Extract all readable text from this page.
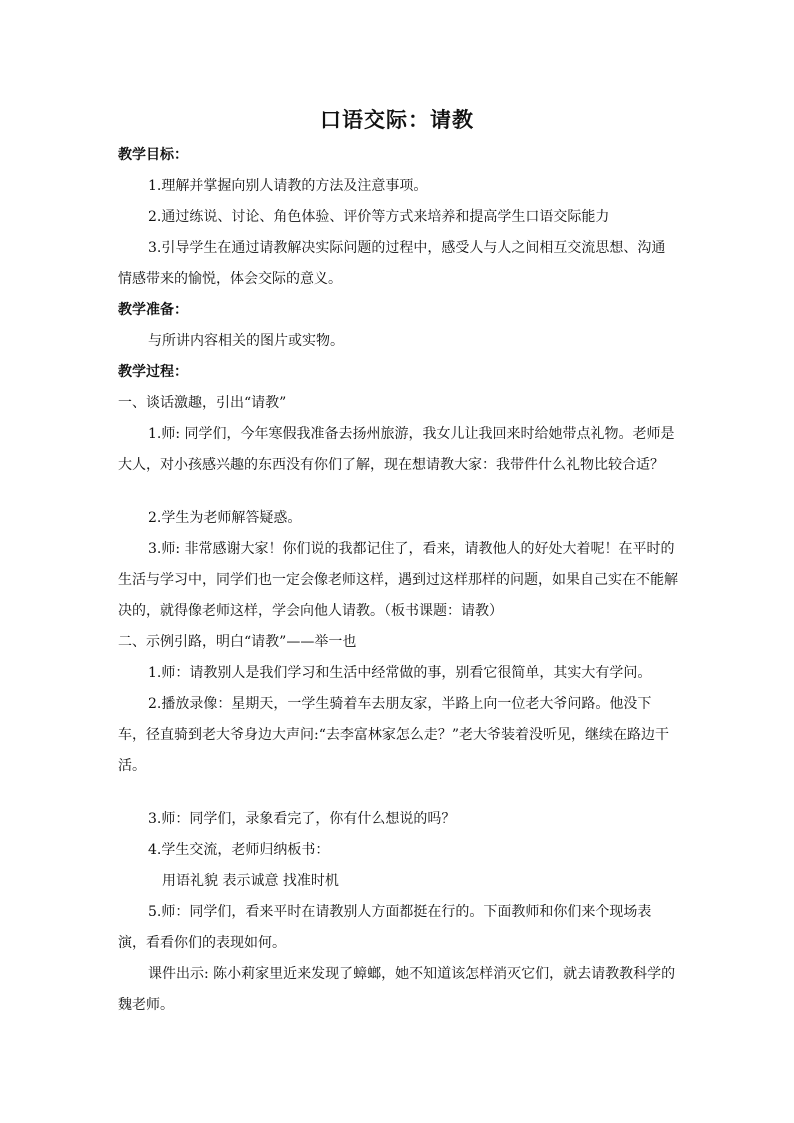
口语交际：请教

教学目标：

1.理解并掌握向别人请教的方法及注意事项。

2.通过练说、讨论、角色体验、评价等方式来培养和提高学生口语交际能力

3.引导学生在通过请教解决实际问题的过程中，感受人与人之间相互交流思想、沟通情感带来的愉悦，体会交际的意义。

教学准备：

与所讲内容相关的图片或实物。

教学过程：

一、谈话激趣，引出“请教”

1.师: 同学们，今年寒假我准备去扬州旅游，我女儿让我回来时给她带点礼物。老师是大人，对小孩感兴趣的东西没有你们了解，现在想请教大家：我带件什么礼物比较合适？

2.学生为老师解答疑惑。

3.师: 非常感谢大家！你们说的我都记住了，看来，请教他人的好处大着呢！在平时的生活与学习中，同学们也一定会像老师这样，遇到过这样那样的问题，如果自己实在不能解决的，就得像老师这样，学会向他人请教。（板书课题：请教）

二、示例引路，明白“请教”——举一也

1.师：请教别人是我们学习和生活中经常做的事，别看它很简单，其实大有学问。

2.播放录像：星期天，一学生骑着车去朋友家，半路上向一位老大爷问路。他没下车，径直骑到老大爷身边大声问:“去李富林家怎么走？”老大爷装着没听见，继续在路边干活。

3.师：同学们，录象看完了，你有什么想说的吗？

4.学生交流，老师归纳板书：

用语礼貌 表示诚意 找准时机

5.师：同学们，看来平时在请教别人方面都挺在行的。下面教师和你们来个现场表演，看看你们的表现如何。

课件出示: 陈小莉家里近来发现了蟑螂，她不知道该怎样消灭它们，就去请教教科学的魏老师。
